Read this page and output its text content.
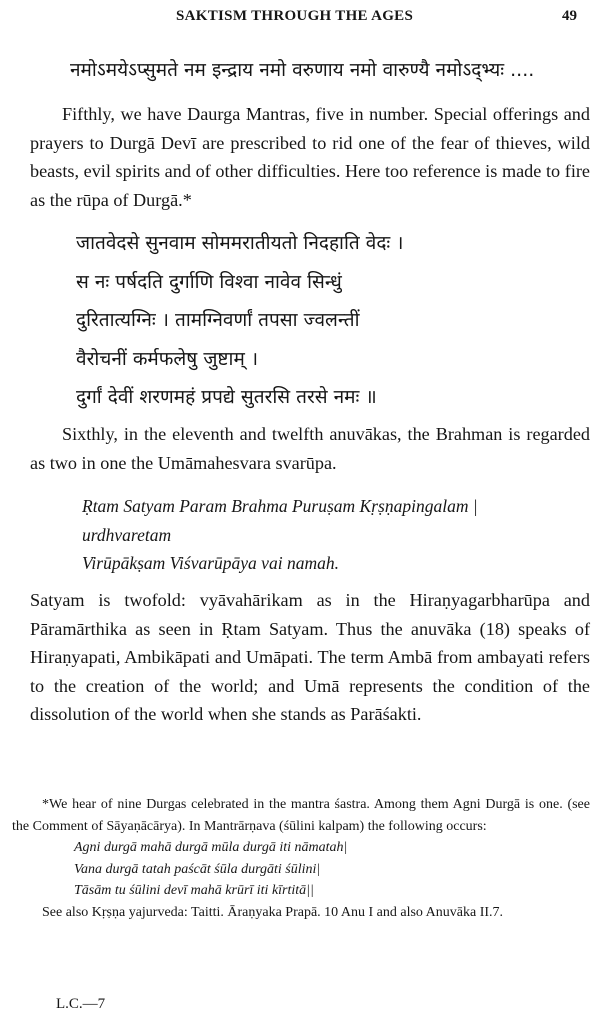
SAKTISM THROUGH THE AGES	49
नमोऽमयेऽप्सुमते नम इन्द्राय नमो वरुणाय नमो वारुण्यै नमोऽद्भ्यः ....

Fifthly, we have Daurga Mantras, five in number. Special offerings and prayers to Durgā Devī are prescribed to rid one of the fear of thieves, wild beasts, evil spirits and of other difficulties. Here too reference is made to fire as the rūpa of Durgā.*

जातवेदसे सुनवाम सोममरातीयतो निदहाति वेदः ।
स नः पर्षदति दुर्गाणि विश्वा नावेव सिन्धुं
दुरितात्यग्निः । तामग्निवर्णां तपसा ज्वलन्तीं
वैरोचनीं कर्मफलेषु जुष्टाम् ।
दुर्गां देवीं शरणमहं प्रपद्ये सुतरसि तरसे नमः ॥

Sixthly, in the eleventh and twelfth anuvākas, the Brahman is regarded as two in one the Umāmahesvara svarūpa.

Ṛtam Satyam Param Brahma Puruṣam Kṛṣṇapingalam |
urdhvaretam
Virūpākṣam Viśvarūpāya vai namah.

Satyam is twofold: vyāvahārikam as in the Hiraṇyagarbharūpa and Pāramārthika as seen in Ṛtam Satyam. Thus the anuvāka (18) speaks of Hiraṇyapati, Ambikāpati and Umāpati. The term Ambā from ambayati refers to the creation of the world; and Umā represents the condition of the dissolution of the world when she stands as Parāśakti.

*We hear of nine Durgas celebrated in the mantra śastra. Among them Agni Durgā is one. (see the Comment of Sāyaṇācārya). In Mantrārṇava (śūlini kalpam) the following occurs:

Agni durgā mahā durgā mūla durgā iti nāmatah|

Vana durgā tatah paścāt śūla durgāti śūlini|

Tāsām tu śūlini devī mahā krūrī iti kīrtitā||

See also Kṛṣṇa yajurveda: Taitti. Āraṇyaka Prapā. 10 Anu I and also Anuvāka II.7.

L.C.—7
